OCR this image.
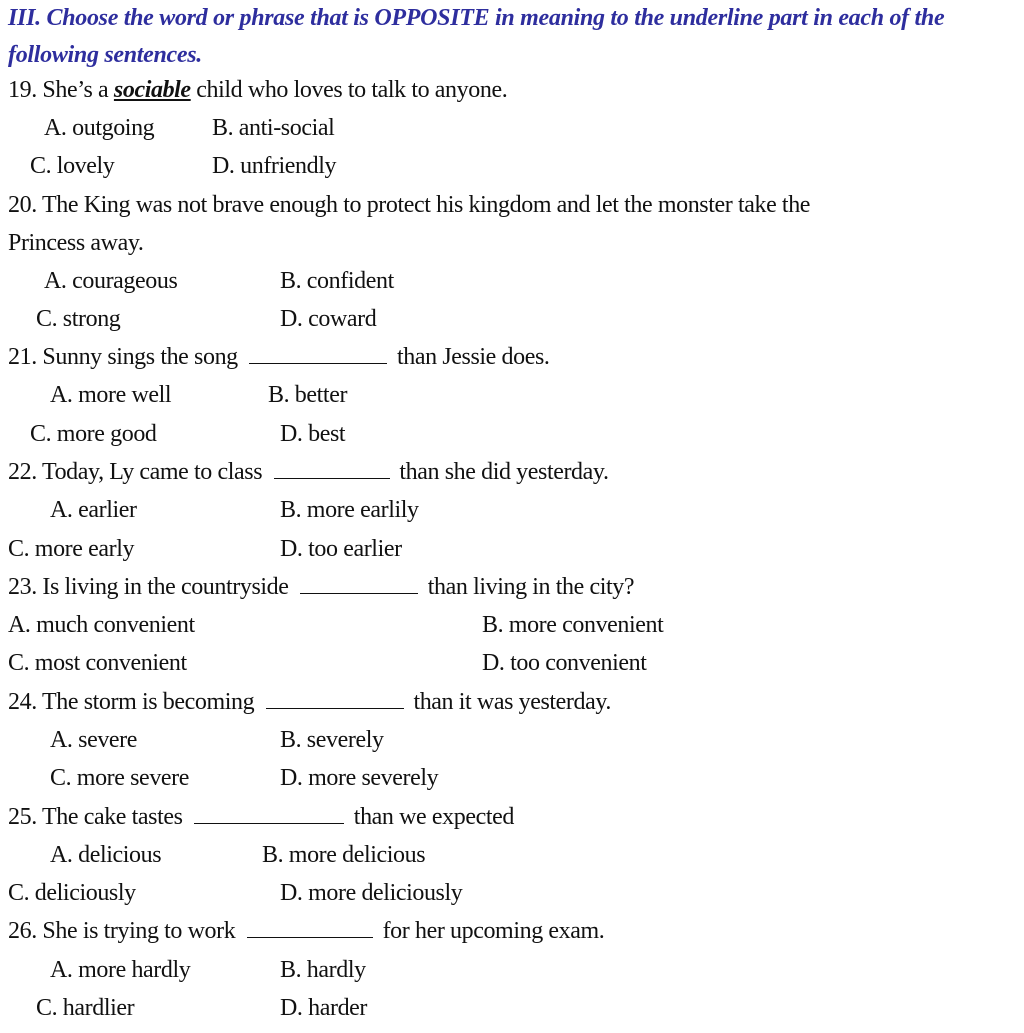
III. Choose the word or phrase that is OPPOSITE in meaning to the underline part in each of the following sentences.
19. She’s a sociable child who loves to talk to anyone.
A. outgoing B. anti-social
C. lovely	D. unfriendly
20. The King was not brave enough to protect his kingdom and let the monster take the
Princess away.
A. courageous	B. confident
C. strong	D. coward
21. Sunny sings the song	than Jessie does.
A. more well	B. better
C. more good	D. best
22. Today, Ly came to class	than she did yesterday.
A. earlier	B. more earlily
C. more early	D. too earlier
23. Is living in the countryside	than living in the city?
A. much convenient	B. more convenient
C. most convenient	D. too convenient
24. The storm is becoming	than it was yesterday.
A. severe	B. severely
C. more severe	D. more severely
25. The cake tastes	than we expected
A. delicious	B. more delicious
C. deliciously	D. more deliciously
26. She is trying to work	for her upcoming exam.
A. more hardly	B. hardly
C. hardlier	D. harder
